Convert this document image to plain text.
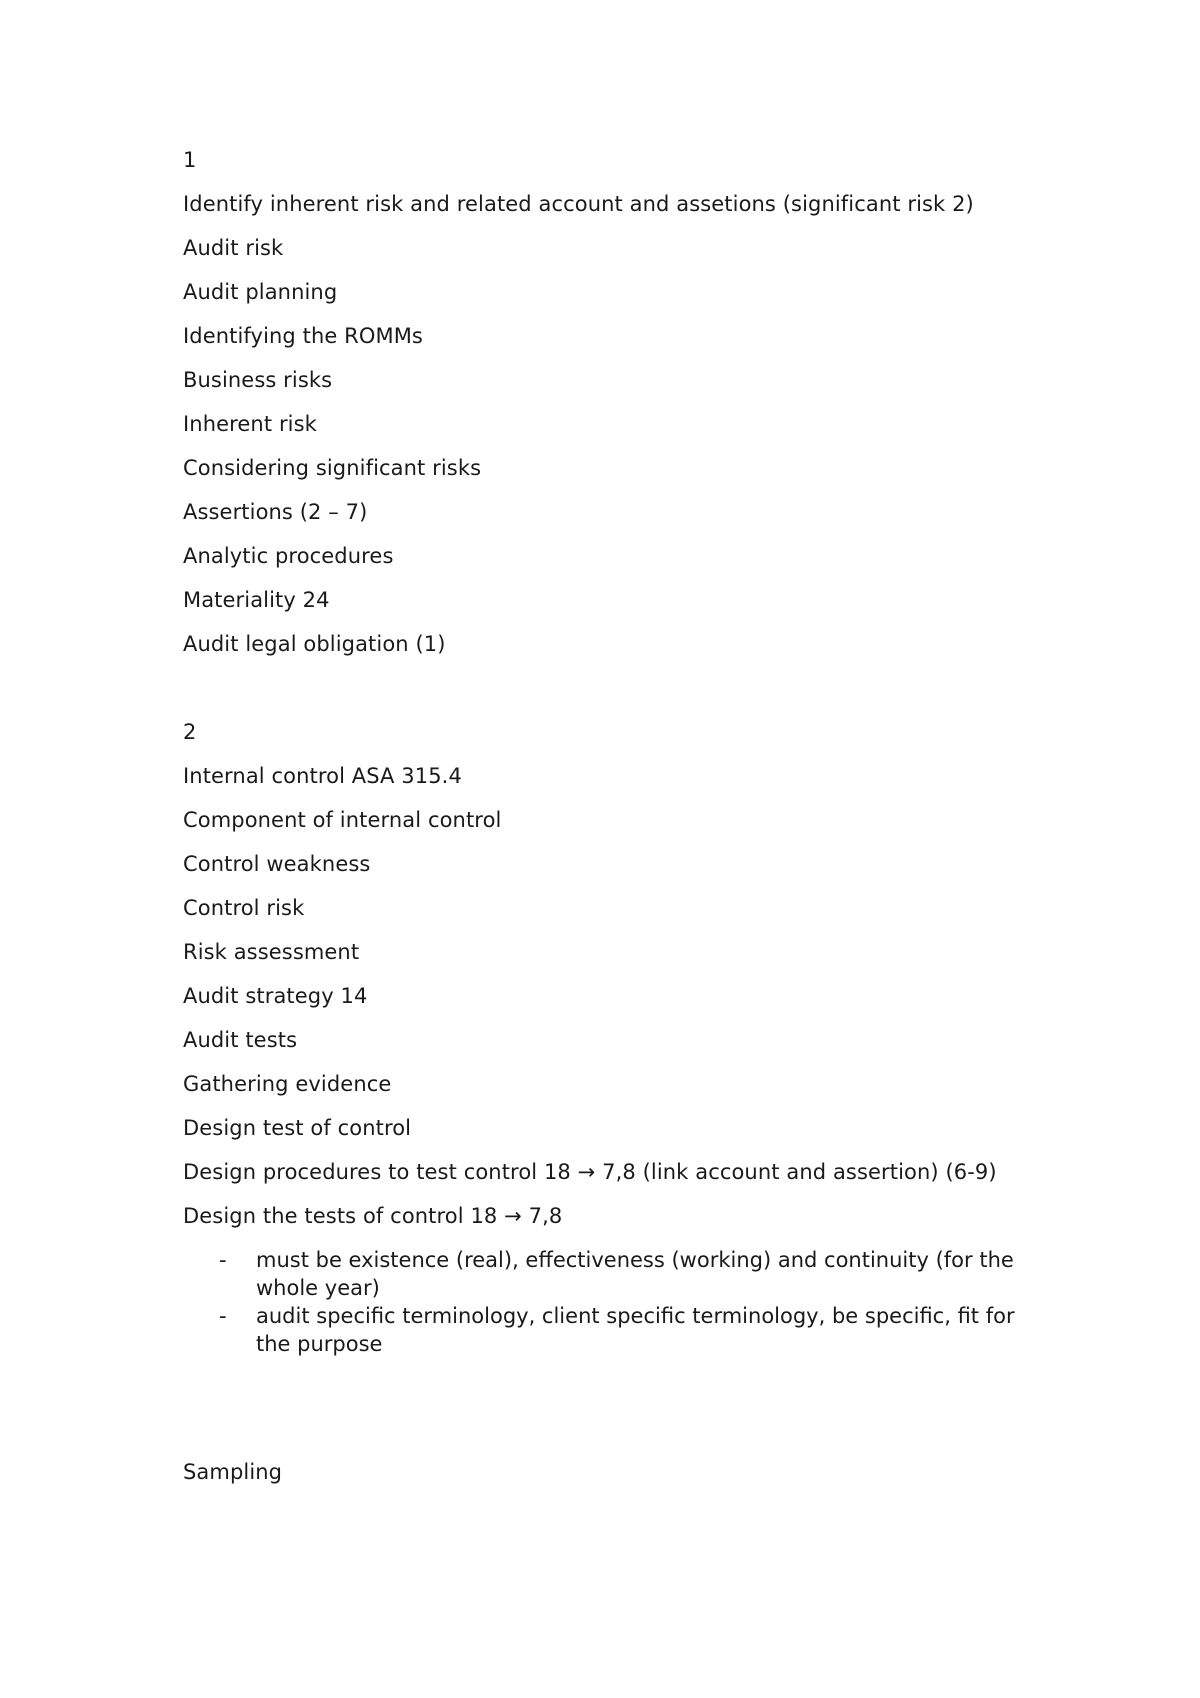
1

Identify inherent risk and related account and assetions (significant risk 2)

Audit risk

Audit planning

Identifying the ROMMs

Business risks

Inherent risk

Considering significant risks

Assertions (2 – 7)

Analytic procedures

Materiality 24

Audit legal obligation (1)

2

Internal control ASA 315.4

Component of internal control

Control weakness

Control risk

Risk assessment

Audit strategy 14

Audit tests

Gathering evidence

Design test of control

Design procedures to test control 18 → 7,8 (link account and assertion) (6-9)

Design the tests of control 18 → 7,8

- must be existence (real), effectiveness (working) and continuity (for the whole year)
- audit specific terminology, client specific terminology, be specific, fit for the purpose

Sampling
